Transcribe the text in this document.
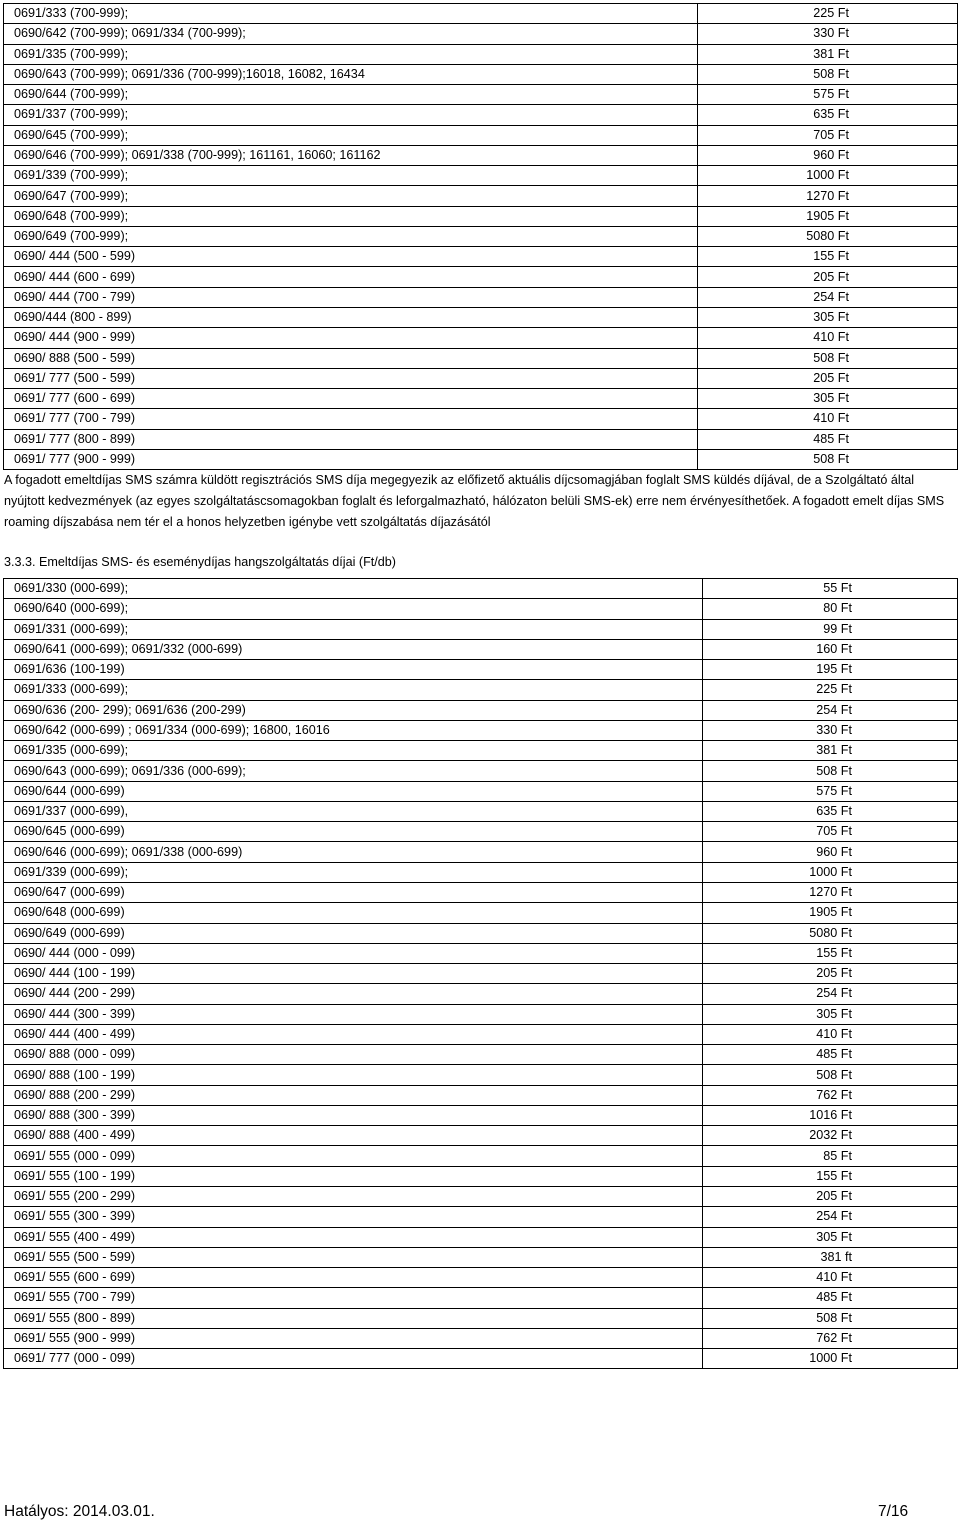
0691/333 (700-999);	225 Ft
0690/642 (700-999); 0691/334 (700-999);	330 Ft
0691/335 (700-999);	381 Ft
0690/643 (700-999); 0691/336 (700-999);16018, 16082, 16434	508 Ft
0690/644 (700-999);	575 Ft
0691/337 (700-999);	635 Ft
0690/645 (700-999);	705 Ft
0690/646 (700-999); 0691/338 (700-999); 161161, 16060; 161162	960 Ft
0691/339 (700-999);	1000 Ft
0690/647 (700-999);	1270 Ft
0690/648 (700-999);	1905 Ft
0690/649 (700-999);	5080 Ft
0690/ 444 (500 - 599)	155 Ft
0690/ 444 (600 - 699)	205 Ft
0690/ 444 (700 - 799)	254 Ft
0690/444 (800 - 899)	305 Ft
0690/ 444 (900 - 999)	410 Ft
0690/ 888 (500 - 599)	508 Ft
0691/ 777 (500 - 599)	205 Ft
0691/ 777 (600 - 699)	305 Ft
0691/ 777 (700 - 799)	410 Ft
0691/ 777 (800 - 899)	485 Ft
0691/ 777 (900 - 999)	508 Ft
A fogadott emeltdíjas SMS számra küldött regisztrációs SMS díja megegyezik az előfizető aktuális díjcsomagjában foglalt SMS küldés díjával, de a Szolgáltató által nyújtott kedvezmények (az egyes szolgáltatáscsomagokban foglalt és leforgalmazható, hálózaton belüli SMS-ek) erre nem érvényesíthetőek. A fogadott emelt díjas SMS roaming díjszabása nem tér el a honos helyzetben igénybe vett szolgáltatás díjazásától
3.3.3. Emeltdíjas SMS- és eseménydíjas hangszolgáltatás díjai (Ft/db)
0691/330 (000-699);	55 Ft
0690/640 (000-699);	80 Ft
0691/331 (000-699);	99 Ft
0690/641 (000-699); 0691/332 (000-699)	160 Ft
0691/636 (100-199)	195 Ft
0691/333 (000-699);	225 Ft
0690/636 (200- 299); 0691/636 (200-299)	254 Ft
0690/642 (000-699) ; 0691/334 (000-699); 16800, 16016	330 Ft
0691/335 (000-699);	381 Ft
0690/643 (000-699); 0691/336 (000-699);	508 Ft
0690/644 (000-699)	575 Ft
0691/337 (000-699),	635 Ft
0690/645 (000-699)	705 Ft
0690/646 (000-699); 0691/338 (000-699)	960 Ft
0691/339 (000-699);	1000 Ft
0690/647 (000-699)	1270 Ft
0690/648 (000-699)	1905 Ft
0690/649 (000-699)	5080 Ft
0690/ 444 (000 - 099)	155 Ft
0690/ 444 (100 - 199)	205 Ft
0690/ 444 (200 - 299)	254 Ft
0690/ 444 (300 - 399)	305 Ft
0690/ 444 (400 - 499)	410 Ft
0690/ 888 (000 - 099)	485 Ft
0690/ 888 (100 - 199)	508 Ft
0690/ 888 (200 - 299)	762 Ft
0690/ 888 (300 - 399)	1016 Ft
0690/ 888 (400 - 499)	2032 Ft
0691/ 555 (000 - 099)	85 Ft
0691/ 555 (100 - 199)	155 Ft
0691/ 555 (200 - 299)	205 Ft
0691/ 555 (300 - 399)	254 Ft
0691/ 555 (400 - 499)	305 Ft
0691/ 555 (500 - 599)	381 ft
0691/ 555 (600 - 699)	410 Ft
0691/ 555 (700 - 799)	485 Ft
0691/ 555 (800 - 899)	508 Ft
0691/ 555 (900 - 999)	762 Ft
0691/ 777 (000 - 099)	1000 Ft
Hatályos: 2014.03.01.	7/16
